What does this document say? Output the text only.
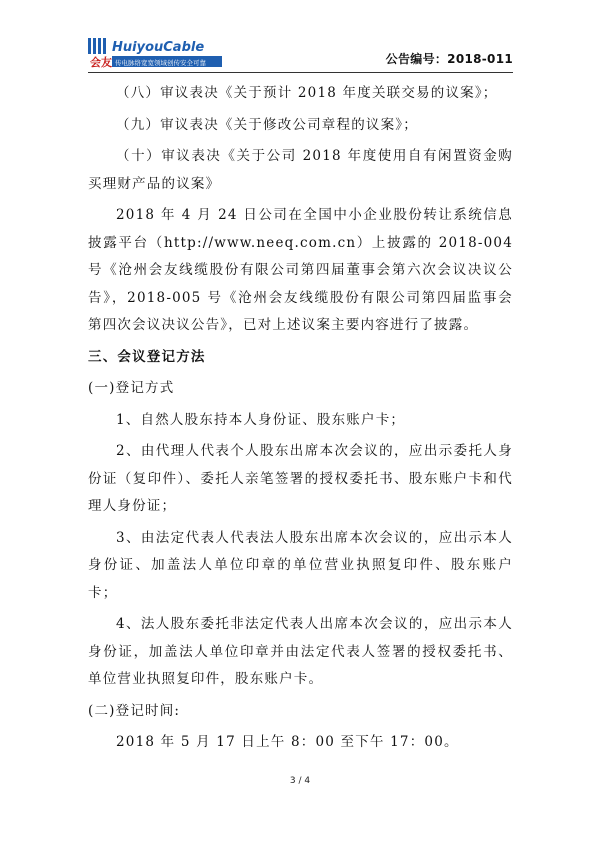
会友
HuiyouCable
传电脉络宽宽领域创传安全可靠	公告编号：2018-011

（八）审议表决《关于预计 2018 年度关联交易的议案》；

（九）审议表决《关于修改公司章程的议案》；

（十）审议表决《关于公司 2018 年度使用自有闲置资金购买理财产品的议案》

2018 年 4 月 24 日公司在全国中小企业股份转让系统信息披露平台（http://www.neeq.com.cn）上披露的 2018-004 号《沧州会友线缆股份有限公司第四届董事会第六次会议决议公告》，2018-005 号《沧州会友线缆股份有限公司第四届监事会第四次会议决议公告》，已对上述议案主要内容进行了披露。

三、会议登记方法

(一)登记方式

1、自然人股东持本人身份证、股东账户卡；

2、由代理人代表个人股东出席本次会议的，应出示委托人身份证（复印件）、委托人亲笔签署的授权委托书、股东账户卡和代理人身份证；

3、由法定代表人代表法人股东出席本次会议的，应出示本人身份证、加盖法人单位印章的单位营业执照复印件、股东账户卡；

4、法人股东委托非法定代表人出席本次会议的，应出示本人身份证，加盖法人单位印章并由法定代表人签署的授权委托书、单位营业执照复印件，股东账户卡。

(二)登记时间:

2018 年 5 月 17 日上午 8：00 至下午 17：00。

3 / 4
